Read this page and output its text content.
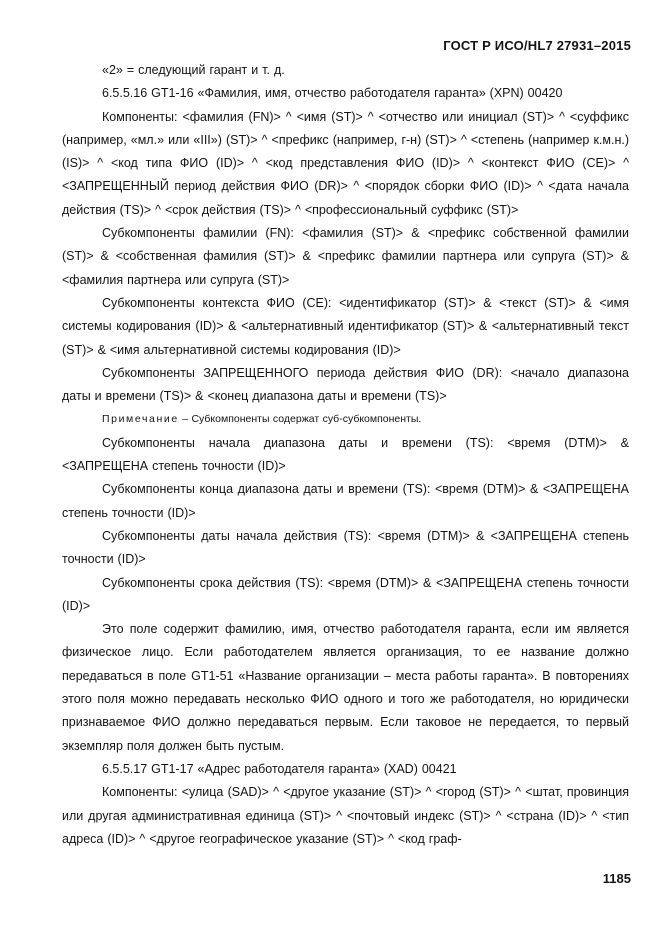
ГОСТ Р ИСО/HL7 27931–2015

«2» = следующий гарант и т. д.

6.5.5.16 GT1-16 «Фамилия, имя, отчество работодателя гаранта» (XPN) 00420

Компоненты: <фамилия (FN)> ^ <имя (ST)> ^ <отчество или инициал (ST)> ^ <суффикс (например, «мл.» или «III») (ST)> ^ <префикс (например, г-н) (ST)> ^ <степень (например к.м.н.) (IS)> ^ <код типа ФИО (ID)> ^ <код представления ФИО (ID)> ^ <контекст ФИО (CE)> ^ <ЗАПРЕЩЕННЫЙ период действия ФИО (DR)> ^ <порядок сборки ФИО (ID)> ^ <дата начала действия (TS)> ^ <срок действия (TS)> ^ <профессиональный суффикс (ST)>

Субкомпоненты фамилии (FN): <фамилия (ST)> & <префикс собственной фамилии (ST)> & <собственная фамилия (ST)> & <префикс фамилии партнера или супруга (ST)> & <фамилия партнера или супруга (ST)>

Субкомпоненты контекста ФИО (CE): <идентификатор (ST)> & <текст (ST)> & <имя системы кодирования (ID)> & <альтернативный идентификатор (ST)> & <альтернативный текст (ST)> & <имя альтернативной системы кодирования (ID)>

Субкомпоненты ЗАПРЕЩЕННОГО периода действия ФИО (DR): <начало диапазона даты и времени (TS)> & <конец диапазона даты и времени (TS)>

Примечание – Субкомпоненты содержат суб-субкомпоненты.

Субкомпоненты начала диапазона даты и времени (TS): <время (DTM)> & <ЗАПРЕЩЕНА степень точности (ID)>

Субкомпоненты конца диапазона даты и времени (TS): <время (DTM)> & <ЗАПРЕЩЕНА степень точности (ID)>

Субкомпоненты даты начала действия (TS): <время (DTM)> & <ЗАПРЕЩЕНА степень точности (ID)>

Субкомпоненты срока действия (TS): <время (DTM)> & <ЗАПРЕЩЕНА степень точности (ID)>

Это поле содержит фамилию, имя, отчество работодателя гаранта, если им является физическое лицо. Если работодателем является организация, то ее название должно передаваться в поле GT1-51 «Название организации – места работы гаранта». В повторениях этого поля можно передавать несколько ФИО одного и того же работодателя, но юридически признаваемое ФИО должно передаваться первым. Если таковое не передается, то первый экземпляр поля должен быть пустым.

6.5.5.17 GT1-17 «Адрес работодателя гаранта» (XAD) 00421

Компоненты: <улица (SAD)> ^ <другое указание (ST)> ^ <город (ST)> ^ <штат, провинция или другая административная единица (ST)> ^ <почтовый индекс (ST)> ^ <страна (ID)> ^ <тип адреса (ID)> ^ <другое географическое указание (ST)> ^ <код граф-

1185
